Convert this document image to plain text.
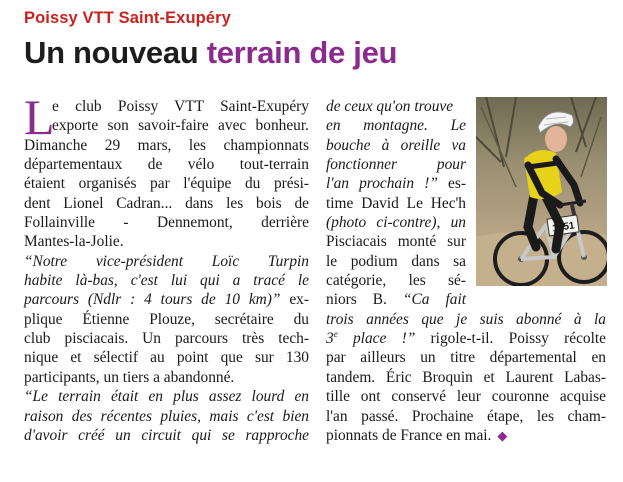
Poissy VTT Saint-Exupéry
Un nouveau terrain de jeu
L
e club Poissy VTT Saint-Exupéry
exporte son savoir-faire avec bonheur.
Dimanche 29 mars, les championnats
départementaux de vélo tout-terrain
étaient organisés par l'équipe du prési-
dent Lionel Cadran... dans les bois de
Follainville - Dennemont, derrière
Mantes-la-Jolie.
“Notre vice-président Loïc Turpin
habite là-bas, c'est lui qui a tracé le
parcours (Ndlr : 4 tours de 10 km)” ex-
plique Étienne Plouze, secrétaire du
club pisciacais. Un parcours très tech-
nique et sélectif au point que sur 130
participants, un tiers a abandonné.
“Le terrain était en plus assez lourd en
raison des récentes pluies, mais c'est bien
d'avoir créé un circuit qui se rapproche
de ceux qu'on trouve
en montagne. Le
bouche à oreille va
fonctionner pour
l'an prochain !” es-
time David Le Hec'h
(photo ci-contre), un
Pisciacais monté sur
le podium dans sa
catégorie, les sé-
niors B. “Ca fait
trois années que je suis abonné à la
3e place !” rigole-t-il. Poissy récolte
par ailleurs un titre départemental en
tandem. Éric Broquin et Laurent Labas-
tille ont conservé leur couronne acquise
l'an passé. Prochaine étape, les cham-
pionnats de France en mai. ◆
1451
